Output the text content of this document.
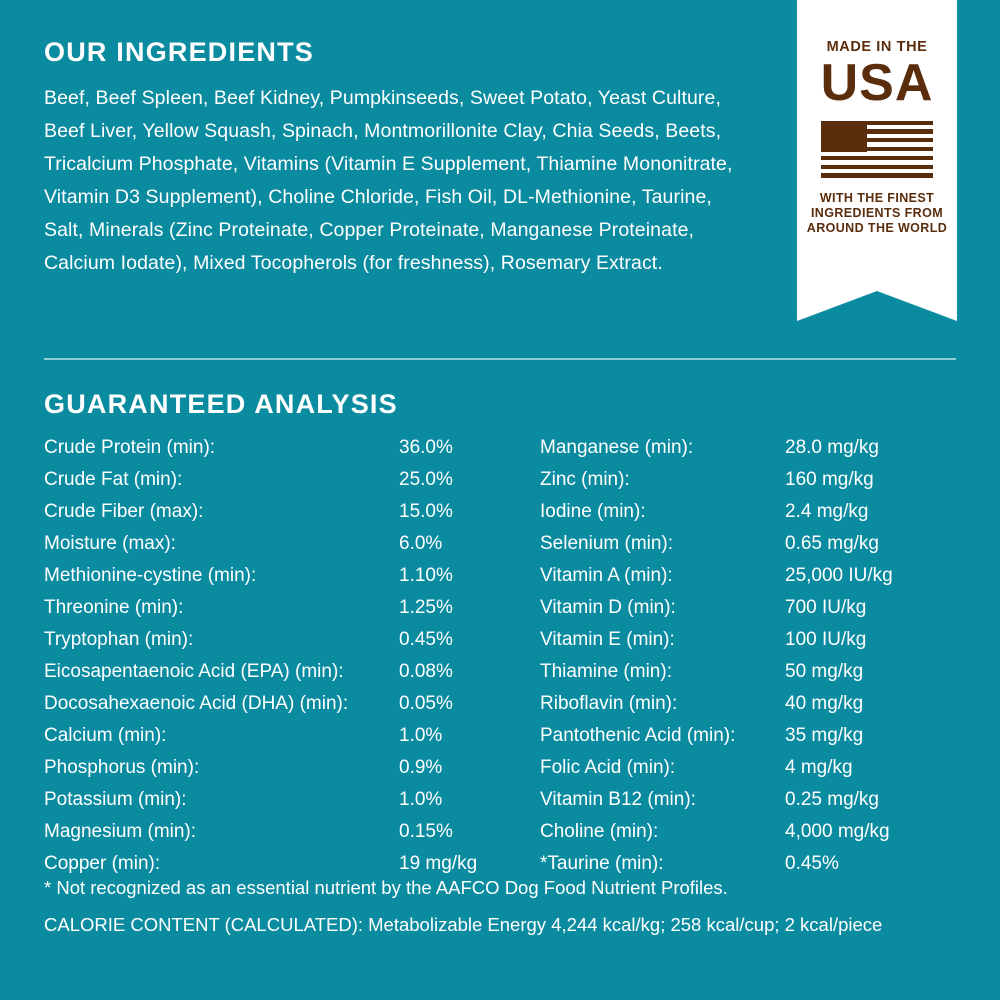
OUR INGREDIENTS

Beef, Beef Spleen, Beef Kidney, Pumpkinseeds, Sweet Potato, Yeast Culture, Beef Liver, Yellow Squash, Spinach, Montmorillonite Clay, Chia Seeds, Beets, Tricalcium Phosphate, Vitamins (Vitamin E Supplement, Thiamine Mononitrate, Vitamin D3 Supplement), Choline Chloride, Fish Oil, DL-Methionine, Taurine, Salt, Minerals (Zinc Proteinate, Copper Proteinate, Manganese Proteinate, Calcium Iodate), Mixed Tocopherols (for freshness), Rosemary Extract.

MADE IN THE
USA
WITH THE FINEST
INGREDIENTS FROM
AROUND THE WORLD
GUARANTEED ANALYSIS
Crude Protein (min):	36.0%
Crude Fat (min):	25.0%
Crude Fiber (max):	15.0%
Moisture (max):	6.0%
Methionine-cystine (min):	1.10%
Threonine (min):	1.25%
Tryptophan (min):	0.45%
Eicosapentaenoic Acid (EPA) (min):	0.08%
Docosahexaenoic Acid (DHA) (min):	0.05%
Calcium (min):	1.0%
Phosphorus (min):	0.9%
Potassium (min):	1.0%
Magnesium (min):	0.15%
Copper (min):	19 mg/kg
Manganese (min):	28.0 mg/kg
Zinc (min):	160 mg/kg
Iodine (min):	2.4 mg/kg
Selenium (min):	0.65 mg/kg
Vitamin A (min):	25,000 IU/kg
Vitamin D (min):	700 IU/kg
Vitamin E (min):	100 IU/kg
Thiamine (min):	50 mg/kg
Riboflavin (min):	40 mg/kg
Pantothenic Acid (min):	35 mg/kg
Folic Acid (min):	4 mg/kg
Vitamin B12 (min):	0.25 mg/kg
Choline (min):	4,000 mg/kg
*Taurine (min):	0.45%
* Not recognized as an essential nutrient by the AAFCO Dog Food Nutrient Profiles.
CALORIE CONTENT (CALCULATED): Metabolizable Energy 4,244 kcal/kg; 258 kcal/cup; 2 kcal/piece
